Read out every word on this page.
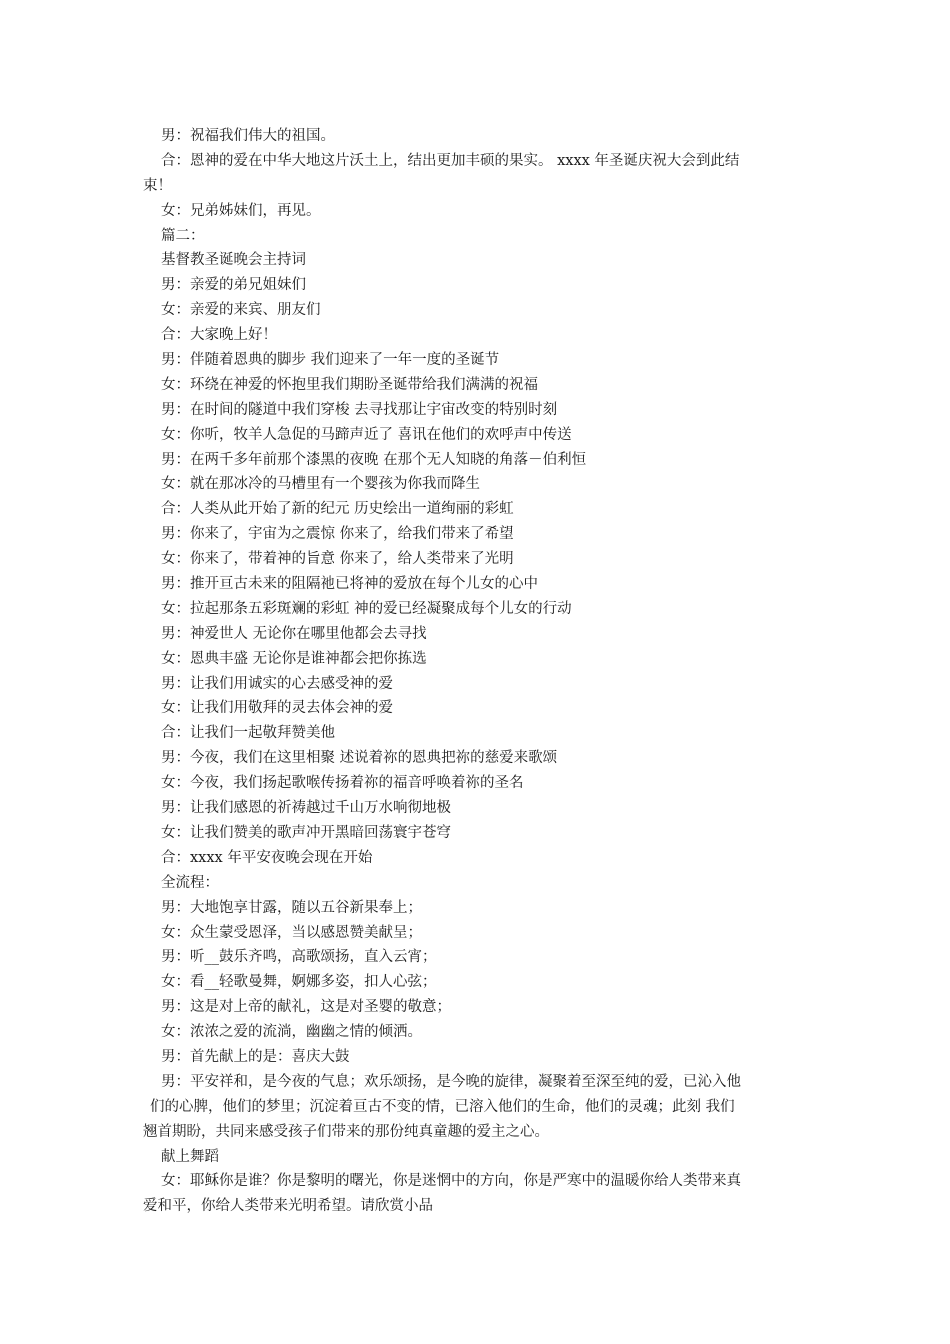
男：祝福我们伟大的祖国。
合：恩神的爱在中华大地这片沃土上，结出更加丰硕的果实。 xxxx 年圣诞庆祝大会到此结
束！
女：兄弟姊妹们，再见。
篇二：
基督教圣诞晚会主持词
男：亲爱的弟兄姐妹们
女：亲爱的来宾、朋友们
合：大家晚上好！
男：伴随着恩典的脚步 我们迎来了一年一度的圣诞节
女：环绕在神爱的怀抱里我们期盼圣诞带给我们满满的祝福
男：在时间的隧道中我们穿梭 去寻找那让宇宙改变的特别时刻
女：你听，牧羊人急促的马蹄声近了 喜讯在他们的欢呼声中传送
男：在两千多年前那个漆黑的夜晚 在那个无人知晓的角落－伯利恒
女：就在那冰冷的马槽里有一个婴孩为你我而降生
合：人类从此开始了新的纪元 历史绘出一道绚丽的彩虹
男：你来了，宇宙为之震惊 你来了，给我们带来了希望
女：你来了，带着神的旨意 你来了，给人类带来了光明
男：推开亘古未来的阻隔祂已将神的爱放在每个儿女的心中
女：拉起那条五彩斑斓的彩虹 神的爱已经凝聚成每个儿女的行动
男：神爱世人 无论你在哪里他都会去寻找
女：恩典丰盛 无论你是谁神都会把你拣选
男：让我们用诚实的心去感受神的爱
女：让我们用敬拜的灵去体会神的爱
合：让我们一起敬拜赞美他
男：今夜，我们在这里相聚 述说着祢的恩典把祢的慈爱来歌颂
女：今夜，我们扬起歌喉传扬着祢的福音呼唤着祢的圣名
男：让我们感恩的祈祷越过千山万水响彻地极
女：让我们赞美的歌声冲开黑暗回荡寰宇苍穹
合：xxxx 年平安夜晚会现在开始
全流程：
男：大地饱享甘露，随以五谷新果奉上；
女：众生蒙受恩泽，当以感恩赞美献呈；
男：听__鼓乐齐鸣，高歌颂扬，直入云宵；
女：看__轻歌曼舞，婀娜多姿，扣人心弦；
男：这是对上帝的献礼，这是对圣婴的敬意；
女：浓浓之爱的流淌，幽幽之情的倾洒。
男：首先献上的是：喜庆大鼓
男：平安祥和，是今夜的气息；欢乐颂扬，是今晚的旋律，凝聚着至深至纯的爱，已沁入他
们的心脾，他们的梦里；沉淀着亘古不变的情，已溶入他们的生命，他们的灵魂；此刻 我们
翘首期盼，共同来感受孩子们带来的那份纯真童趣的爱主之心。
献上舞蹈
女：耶稣你是谁？你是黎明的曙光，你是迷惘中的方向，你是严寒中的温暖你给人类带来真
爱和平，你给人类带来光明希望。请欣赏小品
